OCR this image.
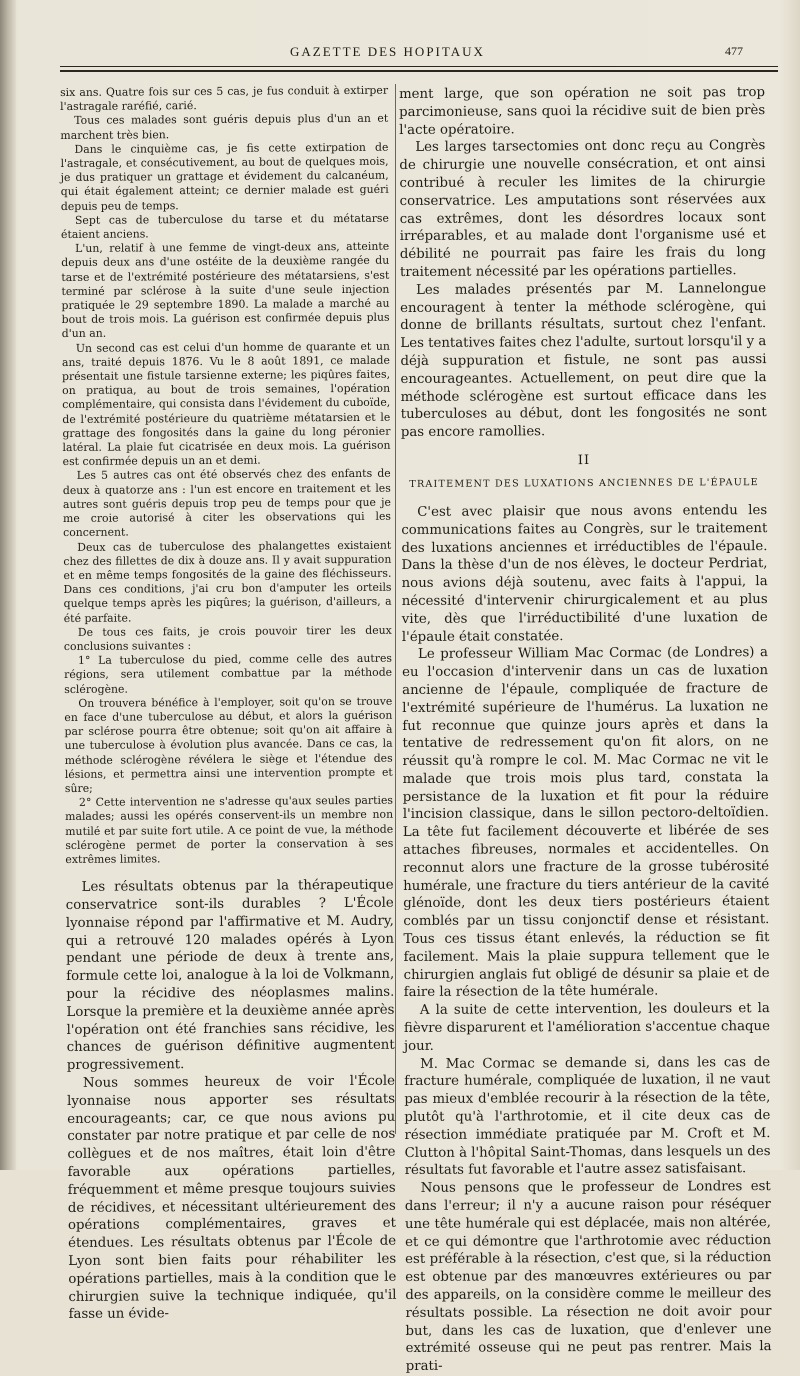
GAZETTE DES HOPITAUX	477

six ans. Quatre fois sur ces 5 cas, je fus conduit à extirper l'astragale raréfié, carié.

Tous ces malades sont guéris depuis plus d'un an et marchent très bien.

Dans le cinquième cas, je fis cette extirpation de l'astragale, et consécutivement, au bout de quelques mois, je dus pratiquer un grattage et évidement du calcanéum, qui était également atteint; ce dernier malade est guéri depuis peu de temps.

Sept cas de tuberculose du tarse et du métatarse étaient anciens.

L'un, relatif à une femme de vingt-deux ans, atteinte depuis deux ans d'une ostéite de la deuxième rangée du tarse et de l'extrémité postérieure des métatarsiens, s'est terminé par sclérose à la suite d'une seule injection pratiquée le 29 septembre 1890. La malade a marché au bout de trois mois. La guérison est confirmée depuis plus d'un an.

Un second cas est celui d'un homme de quarante et un ans, traité depuis 1876. Vu le 8 août 1891, ce malade présentait une fistule tarsienne externe; les piqûres faites, on pratiqua, au bout de trois semaines, l'opération complémentaire, qui consista dans l'évidement du cuboïde, de l'extrémité postérieure du quatrième métatarsien et le grattage des fongosités dans la gaine du long péronier latéral. La plaie fut cicatrisée en deux mois. La guérison est confirmée depuis un an et demi.

Les 5 autres cas ont été observés chez des enfants de deux à quatorze ans : l'un est encore en traitement et les autres sont guéris depuis trop peu de temps pour que je me croie autorisé à citer les observations qui les concernent.

Deux cas de tuberculose des phalangettes existaient chez des fillettes de dix à douze ans. Il y avait suppuration et en même temps fongosités de la gaine des fléchisseurs. Dans ces conditions, j'ai cru bon d'amputer les orteils quelque temps après les piqûres; la guérison, d'ailleurs, a été parfaite.

De tous ces faits, je crois pouvoir tirer les deux conclusions suivantes :

1° La tuberculose du pied, comme celle des autres régions, sera utilement combattue par la méthode sclérogène.

On trouvera bénéfice à l'employer, soit qu'on se trouve en face d'une tuberculose au début, et alors la guérison par sclérose pourra être obtenue; soit qu'on ait affaire à une tuberculose à évolution plus avancée. Dans ce cas, la méthode sclérogène révélera le siège et l'étendue des lésions, et permettra ainsi une intervention prompte et sûre;

2° Cette intervention ne s'adresse qu'aux seules parties malades; aussi les opérés conservent-ils un membre non mutilé et par suite fort utile. A ce point de vue, la méthode sclérogène permet de porter la conservation à ses extrêmes limites.

Les résultats obtenus par la thérapeutique conservatrice sont-ils durables ? L'École lyonnaise répond par l'affirmative et M. Audry, qui a retrouvé 120 malades opérés à Lyon pendant une période de deux à trente ans, formule cette loi, analogue à la loi de Volkmann, pour la récidive des néoplasmes malins. Lorsque la première et la deuxième année après l'opération ont été franchies sans récidive, les chances de guérison définitive augmentent progressivement.

Nous sommes heureux de voir l'École lyonnaise nous apporter ses résultats encourageants; car, ce que nous avions pu constater par notre pratique et par celle de nos collègues et de nos maîtres, était loin d'être favorable aux opérations partielles, fréquemment et même presque toujours suivies de récidives, et nécessitant ultérieurement des opérations complémentaires, graves et étendues. Les résultats obtenus par l'École de Lyon sont bien faits pour réhabiliter les opérations partielles, mais à la condition que le chirurgien suive la technique indiquée, qu'il fasse un évide-

ment large, que son opération ne soit pas trop parcimonieuse, sans quoi la récidive suit de bien près l'acte opératoire.

Les larges tarsectomies ont donc reçu au Congrès de chirurgie une nouvelle consécration, et ont ainsi contribué à reculer les limites de la chirurgie conservatrice. Les amputations sont réservées aux cas extrêmes, dont les désordres locaux sont irréparables, et au malade dont l'organisme usé et débilité ne pourrait pas faire les frais du long traitement nécessité par les opérations partielles.

Les malades présentés par M. Lannelongue encouragent à tenter la méthode sclérogène, qui donne de brillants résultats, surtout chez l'enfant. Les tentatives faites chez l'adulte, surtout lorsqu'il y a déjà suppuration et fistule, ne sont pas aussi encourageantes. Actuellement, on peut dire que la méthode sclérogène est surtout efficace dans les tuberculoses au début, dont les fongosités ne sont pas encore ramollies.

II
TRAITEMENT DES LUXATIONS ANCIENNES DE L'ÉPAULE

C'est avec plaisir que nous avons entendu les communications faites au Congrès, sur le traitement des luxations anciennes et irréductibles de l'épaule. Dans la thèse d'un de nos élèves, le docteur Perdriat, nous avions déjà soutenu, avec faits à l'appui, la nécessité d'intervenir chirurgicalement et au plus vite, dès que l'irréductibilité d'une luxation de l'épaule était constatée.

Le professeur William Mac Cormac (de Londres) a eu l'occasion d'intervenir dans un cas de luxation ancienne de l'épaule, compliquée de fracture de l'extrémité supérieure de l'humérus. La luxation ne fut reconnue que quinze jours après et dans la tentative de redressement qu'on fit alors, on ne réussit qu'à rompre le col. M. Mac Cormac ne vit le malade que trois mois plus tard, constata la persistance de la luxation et fit pour la réduire l'incision classique, dans le sillon pectoro-deltoïdien. La tête fut facilement découverte et libérée de ses attaches fibreuses, normales et accidentelles. On reconnut alors une fracture de la grosse tubérosité humérale, une fracture du tiers antérieur de la cavité glénoïde, dont les deux tiers postérieurs étaient comblés par un tissu conjonctif dense et résistant. Tous ces tissus étant enlevés, la réduction se fit facilement. Mais la plaie suppura tellement que le chirurgien anglais fut obligé de désunir sa plaie et de faire la résection de la tête humérale.

A la suite de cette intervention, les douleurs et la fièvre disparurent et l'amélioration s'accentue chaque jour.

M. Mac Cormac se demande si, dans les cas de fracture humérale, compliquée de luxation, il ne vaut pas mieux d'emblée recourir à la résection de la tête, plutôt qu'à l'arthrotomie, et il cite deux cas de résection immédiate pratiquée par M. Croft et M. Clutton à l'hôpital Saint-Thomas, dans lesquels un des résultats fut favorable et l'autre assez satisfaisant.

Nous pensons que le professeur de Londres est dans l'erreur; il n'y a aucune raison pour réséquer une tête humérale qui est déplacée, mais non altérée, et ce qui démontre que l'arthrotomie avec réduction est préférable à la résection, c'est que, si la réduction est obtenue par des manœuvres extérieures ou par des appareils, on la considère comme le meilleur des résultats possible. La résection ne doit avoir pour but, dans les cas de luxation, que d'enlever une extrémité osseuse qui ne peut pas rentrer. Mais la prati-
